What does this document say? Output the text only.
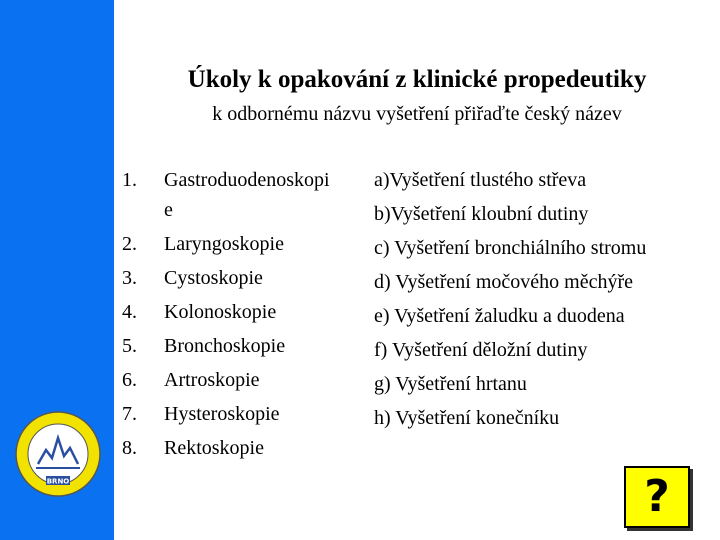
BRNO
Úkoly k opakování z klinické propedeutiky
k odbornému názvu vyšetření přiřaďte český název
1.	Gastroduodenoskopie
2.	Laryngoskopie
3.	Cystoskopie
4.	Kolonoskopie
5.	Bronchoskopie
6.	Artroskopie
7.	Hysteroskopie
8.	Rektoskopie
a)Vyšetření tlustého střeva
b)Vyšetření kloubní dutiny
c) Vyšetření bronchiálního stromu
d) Vyšetření močového měchýře
e) Vyšetření žaludku a duodena
f) Vyšetření děložní dutiny
g) Vyšetření hrtanu
h) Vyšetření konečníku
?
